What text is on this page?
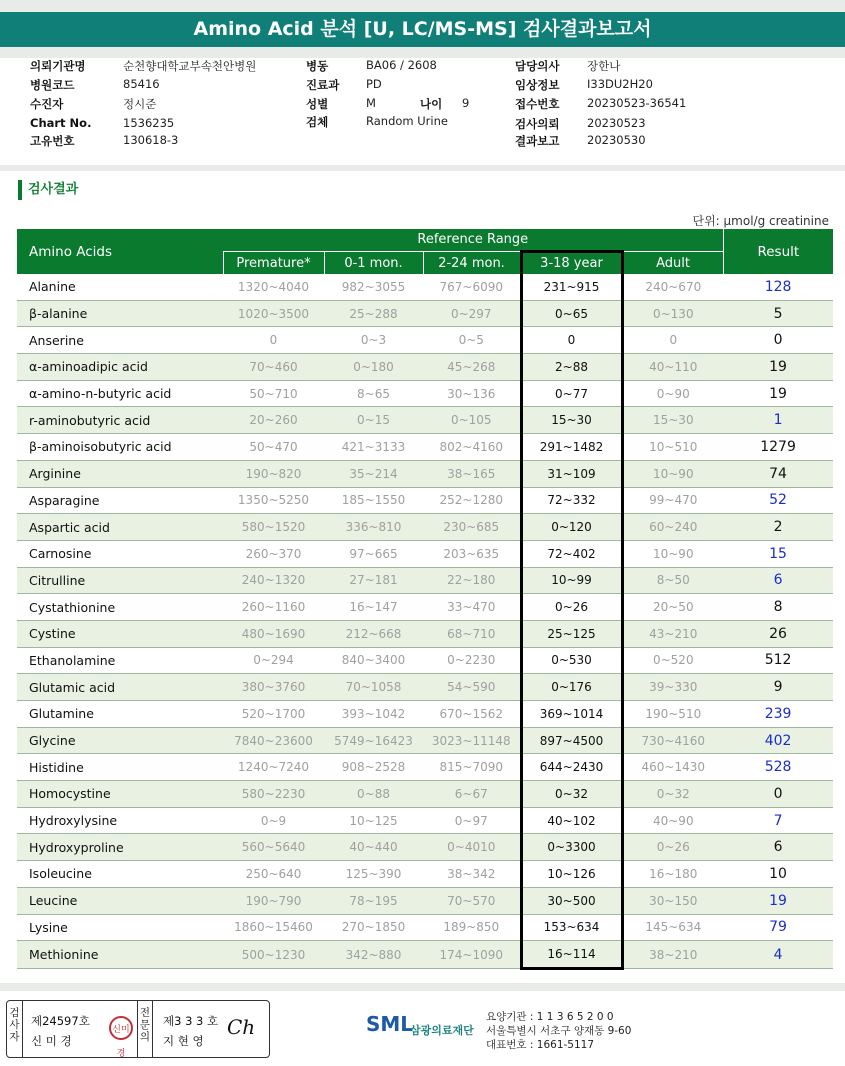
Amino Acid 분석 [U, LC/MS-MS] 검사결과보고서
의뢰기관명	순천향대학교부속천안병원
병원코드	85416
수진자	정시준
Chart No.	1536235
고유번호	130618-3
병동	BA06 / 2608
진료과 PD
성별	M	나이 9
검체	Random Urine
담당의사 장한나
임상정보 I33DU2H20
접수번호 20230523-36541
검사의뢰 20230523
결과보고 20230530
검사결과
단위: μmol/g creatinine
Amino Acids	Reference Range					Result
	Premature*	0-1 mon.	2-24 mon.	3-18 year	Adult	
Alanine	1320~4040	982~3055	767~6090	231~915	240~670	128
β-alanine	1020~3500	25~288	0~297	0~65	0~130	5
Anserine	0	0~3	0~5	0	0	0
α-aminoadipic acid	70~460	0~180	45~268	2~88	40~110	19
α-amino-n-butyric acid	50~710	8~65	30~136	0~77	0~90	19
r-aminobutyric acid	20~260	0~15	0~105	15~30	15~30	1
β-aminoisobutyric acid	50~470	421~3133	802~4160	291~1482	10~510	1279
Arginine	190~820	35~214	38~165	31~109	10~90	74
Asparagine	1350~5250	185~1550	252~1280	72~332	99~470	52
Aspartic acid	580~1520	336~810	230~685	0~120	60~240	2
Carnosine	260~370	97~665	203~635	72~402	10~90	15
Citrulline	240~1320	27~181	22~180	10~99	8~50	6
Cystathionine	260~1160	16~147	33~470	0~26	20~50	8
Cystine	480~1690	212~668	68~710	25~125	43~210	26
Ethanolamine	0~294	840~3400	0~2230	0~530	0~520	512
Glutamic acid	380~3760	70~1058	54~590	0~176	39~330	9
Glutamine	520~1700	393~1042	670~1562	369~1014	190~510	239
Glycine	7840~23600	5749~16423	3023~11148	897~4500	730~4160	402
Histidine	1240~7240	908~2528	815~7090	644~2430	460~1430	528
Homocystine	580~2230	0~88	6~67	0~32	0~32	0
Hydroxylysine	0~9	10~125	0~97	40~102	40~90	7
Hydroxyproline	560~5640	40~440	0~4010	0~3300	0~26	6
Isoleucine	250~640	125~390	38~342	10~126	16~180	10
Leucine	190~790	78~195	70~570	30~500	30~150	19
Lysine	1860~15460	270~1850	189~850	153~634	145~634	79
Methionine	500~1230	342~880	174~1090	16~114	38~210	4
검사자
제24597호
신 미 경
신미경
전문의
제3 3 3 호
지 현 영
Ch	SML
삼광의료재단
요양기관 : 1 1 3 6 5 2 0 0
서울특별시 서초구 양재동 9-60
대표번호 : 1661-5117
